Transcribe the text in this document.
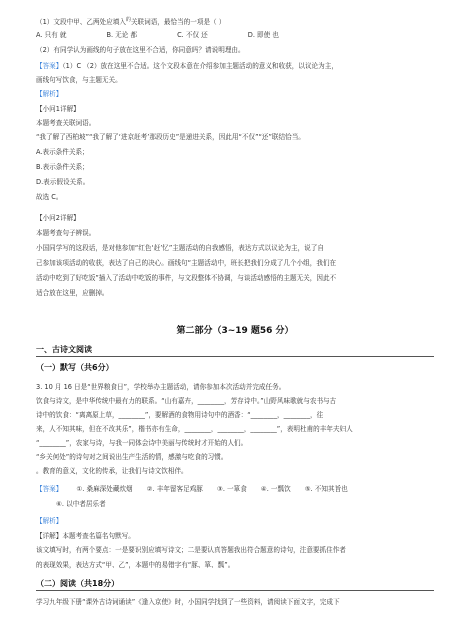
（1）文段中甲、乙两处应填入$^的$关联词语，最恰当的一项是（ ）
A. 只有 就	B. 无论 都	C. 不仅 还	D. 即使 也
（2）有同学认为画线的句子放在这里不合适，你同意吗？请说明理由。
【答案】（1）C （2）放在这里不合适。这个文段本意在介绍参加主题活动的意义和收获，以议论为主，
画线句写饮食，与主题无关。
【解析】
【小问1详解】
本题考查关联词语。
“我了解了西柏坡”“我了解了‘进京赶考’那段历史”是递进关系，因此用“不仅”“还”联结恰当。
A.表示条件关系；
B.表示条件关系；
D.表示假设关系。
故选 C。
【小问2详解】
本题考查句子辨误。
小国同学写的这段话，是对他参加“红色‘赶’忆”主题活动的自我感悟，表达方式以议论为主，说了自
己参加该项活动的收获，表达了自己的决心。画线句“主题活动中，班长把我们分成了几个小组，我们在
活动中吃到了好吃饭”插入了活动中吃饭的事件，与文段整体不协调，与谈活动感悟的主题无关，因此不
适合放在这里，应删掉。
第二部分（3~19 题56 分）
一、古诗文阅读
（一）默写（共6分）
3. 10 月 16 日是“世界粮食日”，学校举办主题活动，请你参加本次活动并完成任务。
饮食与诗文，是中华传统中最有力的联系。“山有嘉卉，________，芳存诗中。”山野风味歌就与农书与古
诗中的饮食：“离离原上草，________”，要解酒的食物用诗句中的酒香：“________，________，往
来，人不知其味，但在不改其乐”，楷书亦有生命，________，________，________”，表明杜甫的丰年夫妇人
“________”，农家与诗，与我一同体会诗中美丽与传统时才开始的人们。
“乡关何处”的诗句对之间说出生产生活的情，感激与吃食的习惯。
。教育的意义，文化的传承，让我们与诗文饮相伴。
【答案】 ①. 桑麻深处藏炊烟 ②. 丰年留客足鸡豚 ③. 一箪食 ④. 一瓢饮 ⑤. 不知其旨也
⑥. 以中者居乐者
【解析】
【详解】本题考查名篇名句默写。
该文填写时，有两个要点：一是要识别应填写诗文；二是要认真答题我出符合题意的诗句，注意要抓住作者
的表现效果，表达方式“甲、乙”，本题中的易错字有“豚、箪、瓢”。
（二）阅读（共18分）
学习九年级下册“课外古诗词诵读”《逢入京使》时，小国同学找到了一些资料，请阅读下面文字，完成下
